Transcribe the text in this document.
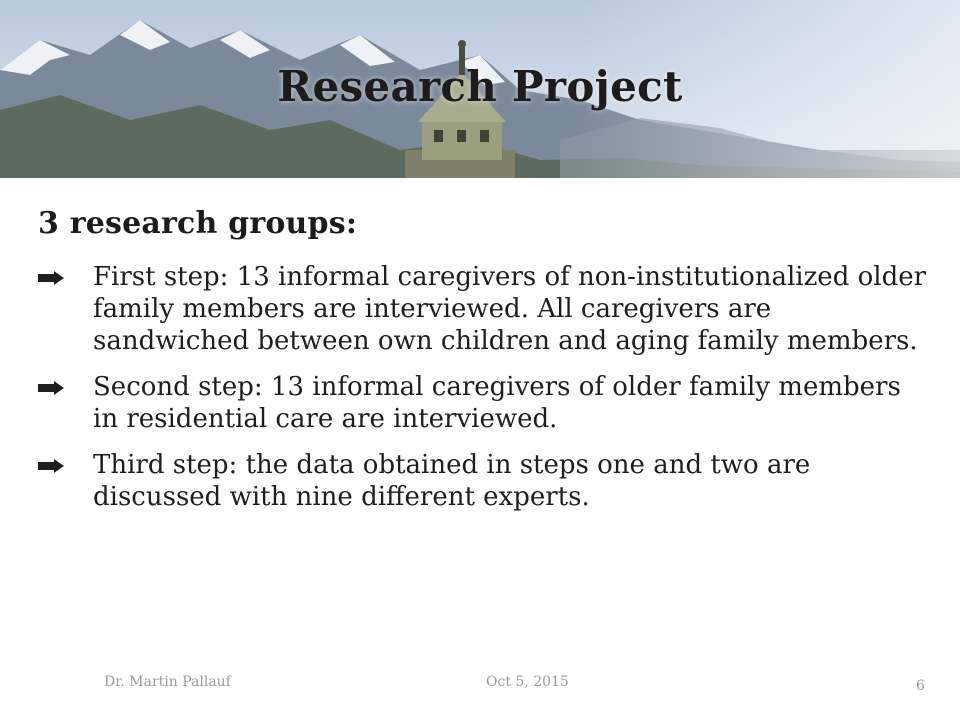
Research Project
3 research groups:
First step: 13 informal caregivers of non-institutionalized older family members are interviewed. All caregivers are sandwiched between own children and aging family members.
Second step: 13 informal caregivers of older family members in residential care are interviewed.
Third step: the data obtained in steps one and two are discussed with nine different experts.
Dr. Martin Pallauf	Oct 5, 2015	6
